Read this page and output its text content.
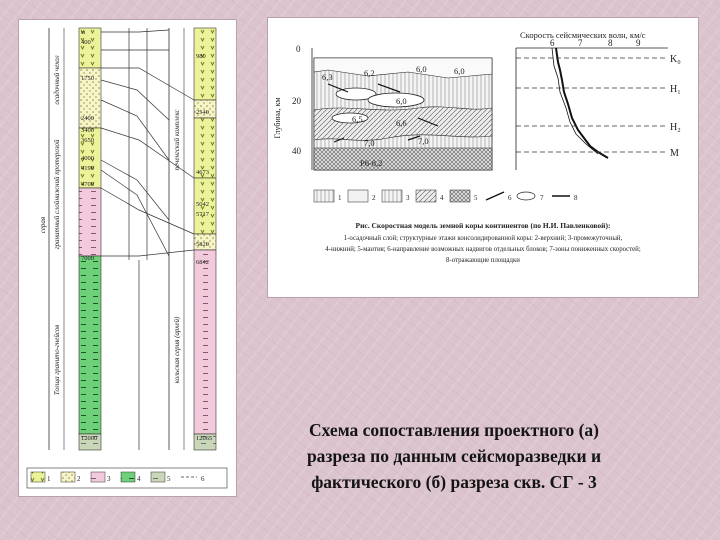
м
400
1750
2400
3400
3650
4000
4190
4700
7000
12000
980
2540
4673
5042
5717
5820
6842
12065
осадочный чехол
нижний протерозой
серая гранитный слой
Толща гранито-гнейсов
печенгский комплекс
кольская серия (архей)
1	2	3	4	5	6
Глубина, км
0
20
40
6,3	6,2	6,0	6,0
6,0
6,5	6,6
7,0	7,0
P6-8,2
Скорость сейсмических волн, км/с
6	7	8	9
K₀
H₁
H₂
M
1	2	3	4	5	6	7	8
Рис. Скоростная модель земной коры континентов (по Н.И. Павленковой):
1-осадочный слой; структурные этажи консолидированной коры: 2-верхний; 3-промежуточный,
4-нижний; 5-мантия; 6-направление возможных надвигов отдельных блоков; 7-зоны пониженных скоростей;
8-отражающие площадки
Схема сопоставления проектного (а)
разреза по данным сейсморазведки и
фактического (б) разреза скв. СГ - 3
